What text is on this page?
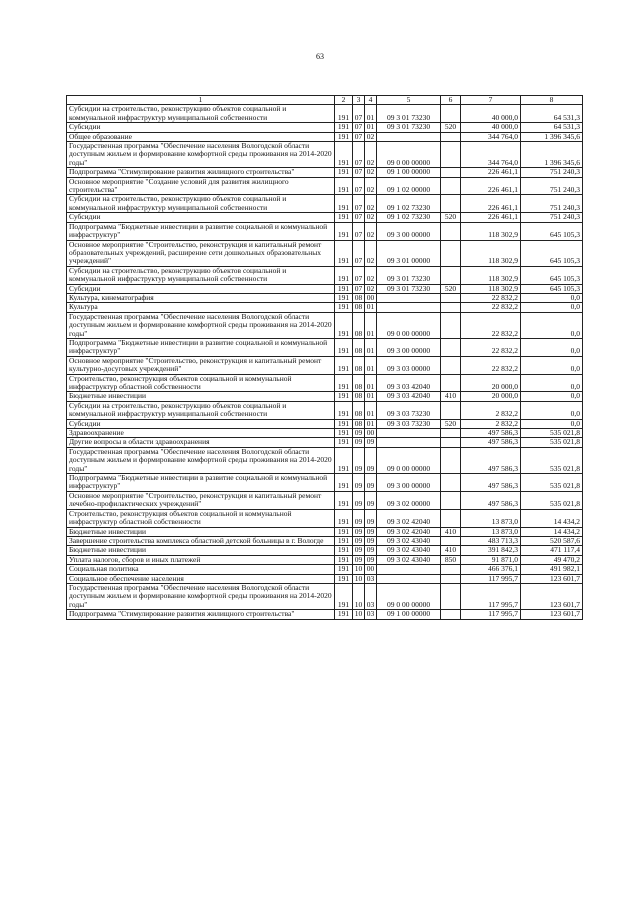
63
1	2	3	4	5	6	7	8
Субсидии на строительство, реконструкцию объектов социальной и коммунальной инфраструктур муниципальной собственности	191	07	01	09 3 01 73230		40 000,0	64 531,3
Субсидии	191	07	01	09 3 01 73230	520	40 000,0	64 531,3
Общее образование	191	07	02			344 764,0	1 396 345,6
Государственная программа "Обеспечение населения Вологодской области доступным жильем и формирование комфортной среды проживания на 2014-2020 годы"	191	07	02	09 0 00 00000		344 764,0	1 396 345,6
Подпрограмма "Стимулирование развития жилищного строительства"	191	07	02	09 1 00 00000		226 461,1	751 240,3
Основное мероприятие "Создание условий для развития жилищного строительства"	191	07	02	09 1 02 00000		226 461,1	751 240,3
Субсидии на строительство, реконструкцию объектов социальной и коммунальной инфраструктур муниципальной собственности	191	07	02	09 1 02 73230		226 461,1	751 240,3
Субсидии	191	07	02	09 1 02 73230	520	226 461,1	751 240,3
Подпрограмма "Бюджетные инвестиции в развитие социальной и коммунальной инфраструктур"	191	07	02	09 3 00 00000		118 302,9	645 105,3
Основное мероприятие "Строительство, реконструкция и капитальный ремонт образовательных учреждений, расширение сети дошкольных образовательных учреждений"	191	07	02	09 3 01 00000		118 302,9	645 105,3
Субсидии на строительство, реконструкцию объектов социальной и коммунальной инфраструктур муниципальной собственности	191	07	02	09 3 01 73230		118 302,9	645 105,3
Субсидии	191	07	02	09 3 01 73230	520	118 302,9	645 105,3
Культура, кинематография	191	08	00			22 832,2	0,0
Культура	191	08	01			22 832,2	0,0
Государственная программа "Обеспечение населения Вологодской области доступным жильем и формирование комфортной среды проживания на 2014-2020 годы"	191	08	01	09 0 00 00000		22 832,2	0,0
Подпрограмма "Бюджетные инвестиции в развитие социальной и коммунальной инфраструктур"	191	08	01	09 3 00 00000		22 832,2	0,0
Основное мероприятие "Строительство, реконструкция и капитальный ремонт культурно-досуговых учреждений"	191	08	01	09 3 03 00000		22 832,2	0,0
Строительство, реконструкция объектов социальной и коммунальной инфраструктур областной собственности	191	08	01	09 3 03 42040		20 000,0	0,0
Бюджетные инвестиции	191	08	01	09 3 03 42040	410	20 000,0	0,0
Субсидии на строительство, реконструкцию объектов социальной и коммунальной инфраструктур муниципальной собственности	191	08	01	09 3 03 73230		2 832,2	0,0
Субсидии	191	08	01	09 3 03 73230	520	2 832,2	0,0
Здравоохранение	191	09	00			497 586,3	535 021,8
Другие вопросы в области здравоохранения	191	09	09			497 586,3	535 021,8
Государственная программа "Обеспечение населения Вологодской области доступным жильем и формирование комфортной среды проживания на 2014-2020 годы"	191	09	09	09 0 00 00000		497 586,3	535 021,8
Подпрограмма "Бюджетные инвестиции в развитие социальной и коммунальной инфраструктур"	191	09	09	09 3 00 00000		497 586,3	535 021,8
Основное мероприятие "Строительство, реконструкция и капитальный ремонт лечебно-профилактических учреждений"	191	09	09	09 3 02 00000		497 586,3	535 021,8
Строительство, реконструкция объектов социальной и коммунальной инфраструктур областной собственности	191	09	09	09 3 02 42040		13 873,0	14 434,2
Бюджетные инвестиции	191	09	09	09 3 02 42040	410	13 873,0	14 434,2
Завершение строительства комплекса областной детской больницы в г. Вологде	191	09	09	09 3 02 43040		483 713,3	520 587,6
Бюджетные инвестиции	191	09	09	09 3 02 43040	410	391 842,3	471 117,4
Уплата налогов, сборов и иных платежей	191	09	09	09 3 02 43040	850	91 871,0	49 470,2
Социальная политика	191	10	00			466 376,1	491 982,1
Социальное обеспечение населения	191	10	03			117 995,7	123 601,7
Государственная программа "Обеспечение населения Вологодской области доступным жильем и формирование комфортной среды проживания на 2014-2020 годы"	191	10	03	09 0 00 00000		117 995,7	123 601,7
Подпрограмма "Стимулирование развития жилищного строительства"	191	10	03	09 1 00 00000		117 995,7	123 601,7
